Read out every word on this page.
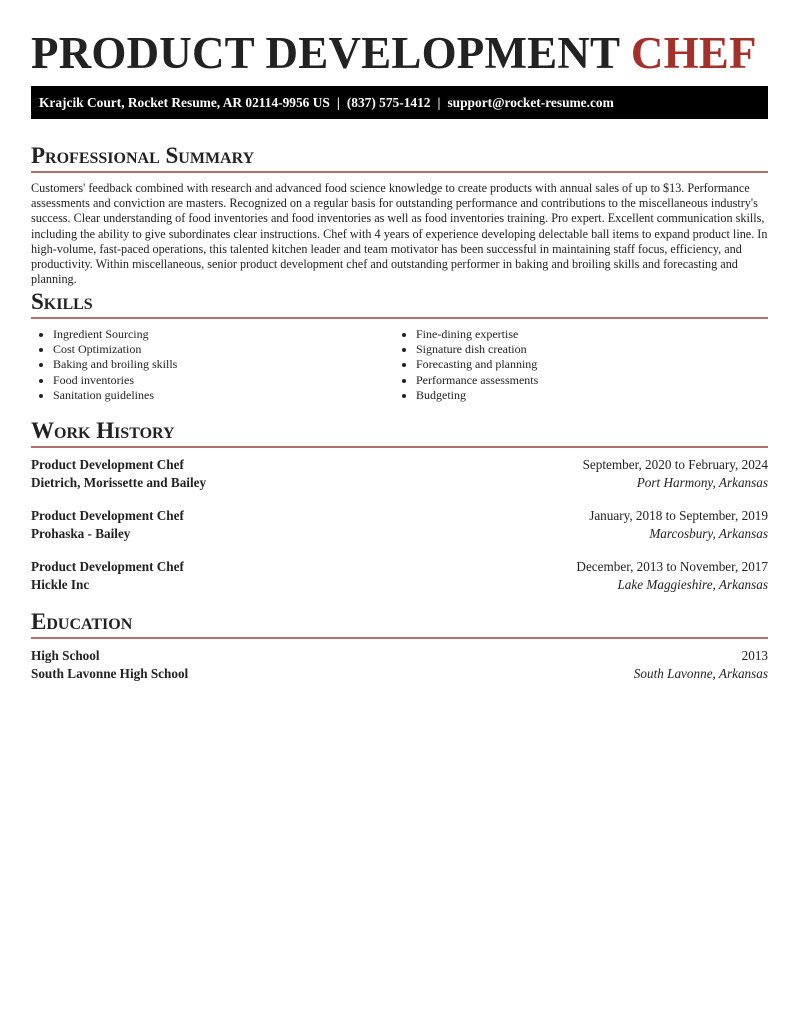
PRODUCT DEVELOPMENT CHEF
Krajcik Court, Rocket Resume, AR 02114-9956 US | (837) 575-1412 | support@rocket-resume.com
Professional Summary
Customers' feedback combined with research and advanced food science knowledge to create products with annual sales of up to $13. Performance assessments and conviction are masters. Recognized on a regular basis for outstanding performance and contributions to the miscellaneous industry's success. Clear understanding of food inventories and food inventories as well as food inventories training. Pro expert. Excellent communication skills, including the ability to give subordinates clear instructions. Chef with 4 years of experience developing delectable ball items to expand product line. In high-volume, fast-paced operations, this talented kitchen leader and team motivator has been successful in maintaining staff focus, efficiency, and productivity. Within miscellaneous, senior product development chef and outstanding performer in baking and broiling skills and forecasting and planning.
Skills
• Ingredient Sourcing
• Cost Optimization
• Baking and broiling skills
• Food inventories
• Sanitation guidelines
• Fine-dining expertise
• Signature dish creation
• Forecasting and planning
• Performance assessments
• Budgeting
Work History
Product Development Chef	September, 2020 to February, 2024
Dietrich, Morissette and Bailey	Port Harmony, Arkansas
Product Development Chef	January, 2018 to September, 2019
Prohaska - Bailey	Marcosbury, Arkansas
Product Development Chef	December, 2013 to November, 2017
Hickle Inc	Lake Maggieshire, Arkansas
Education
High School	2013
South Lavonne High School	South Lavonne, Arkansas
